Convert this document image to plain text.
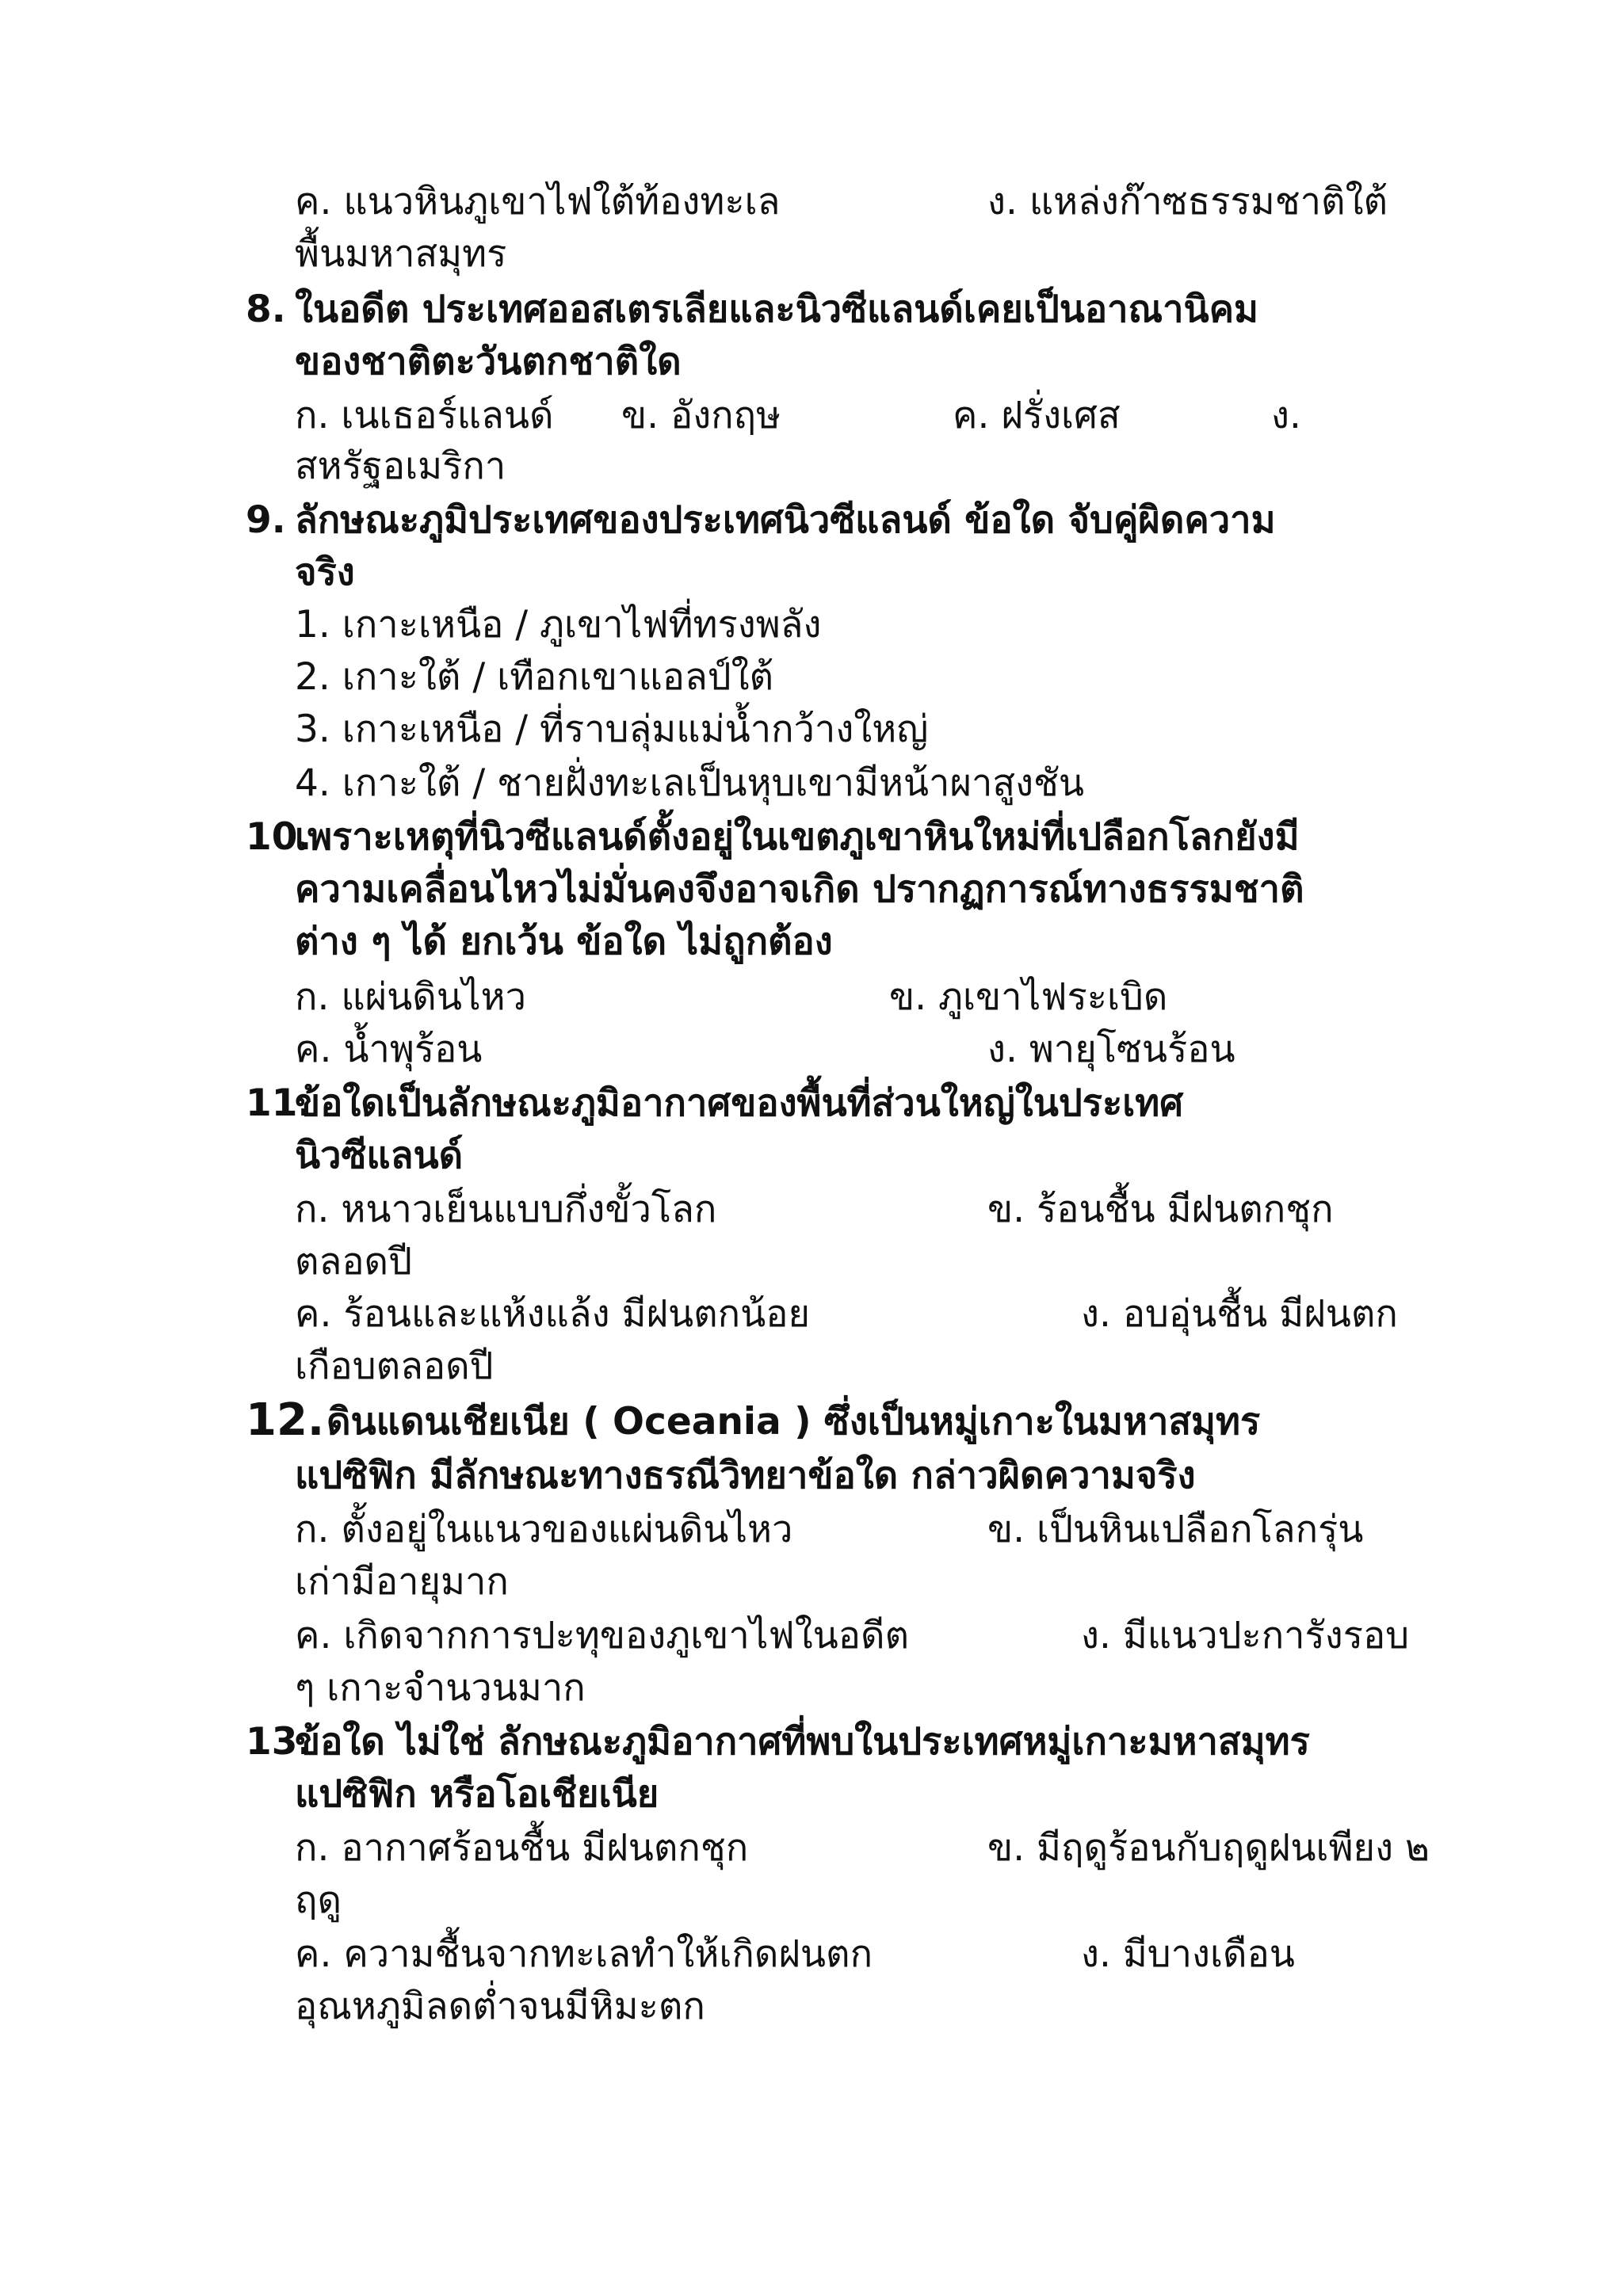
ค. แนวหินภูเขาไฟใต้ท้องทะเล	ง. แหล่งก๊าซธรรมชาติใต้
พื้นมหาสมุทร
8. ในอดีต ประเทศออสเตรเลียและนิวซีแลนด์เคยเป็นอาณานิคม
ของชาติตะวันตกชาติใด
ก. เนเธอร์แลนด์ ข. อังกฤษ	ค. ฝรั่งเศส	ง.
สหรัฐอเมริกา
9. ลักษณะภูมิประเทศของประเทศนิวซีแลนด์ ข้อใด จับคู่ผิดความ
จริง
1. เกาะเหนือ / ภูเขาไฟที่ทรงพลัง
2. เกาะใต้ / เทือกเขาแอลป์ใต้
3. เกาะเหนือ / ที่ราบลุ่มแม่น้ำกว้างใหญ่
4. เกาะใต้ / ชายฝั่งทะเลเป็นหุบเขามีหน้าผาสูงชัน
10.
เพราะเหตุที่นิวซีแลนด์ตั้งอยู่ในเขตภูเขาหินใหม่ที่เปลือกโลกยังมี
ความเคลื่อนไหวไม่มั่นคงจึงอาจเกิด ปรากฏการณ์ทางธรรมชาติ
ต่าง ๆ ได้ ยกเว้น ข้อใด ไม่ถูกต้อง
ก. แผ่นดินไหว	ข. ภูเขาไฟระเบิด
ค. น้ำพุร้อน	ง. พายุโซนร้อน
11.
ข้อใดเป็นลักษณะภูมิอากาศของพื้นที่ส่วนใหญ่ในประเทศ
นิวซีแลนด์
ก. หนาวเย็นแบบกึ่งขั้วโลก	ข. ร้อนชื้น มีฝนตกชุก
ตลอดปี
ค. ร้อนและแห้งแล้ง มีฝนตกน้อย	ง. อบอุ่นชื้น มีฝนตก
เกือบตลอดปี
12. ดินแดนเชียเนีย ( Oceania ) ซึ่งเป็นหมู่เกาะในมหาสมุทร
แปซิฟิก มีลักษณะทางธรณีวิทยาข้อใด กล่าวผิดความจริง
ก. ตั้งอยู่ในแนวของแผ่นดินไหว	ข. เป็นหินเปลือกโลกรุ่น
เก่ามีอายุมาก
ค. เกิดจากการปะทุของภูเขาไฟในอดีต	ง. มีแนวปะการังรอบ
ๆ เกาะจำนวนมาก
13.
ข้อใด ไม่ใช่ ลักษณะภูมิอากาศที่พบในประเทศหมู่เกาะมหาสมุทร
แปซิฟิก หรือโอเชียเนีย
ก. อากาศร้อนชื้น มีฝนตกชุก	ข. มีฤดูร้อนกับฤดูฝนเพียง ๒
ฤดู
ค. ความชื้นจากทะเลทำให้เกิดฝนตก	ง. มีบางเดือน
อุณหภูมิลดต่ำจนมีหิมะตก
